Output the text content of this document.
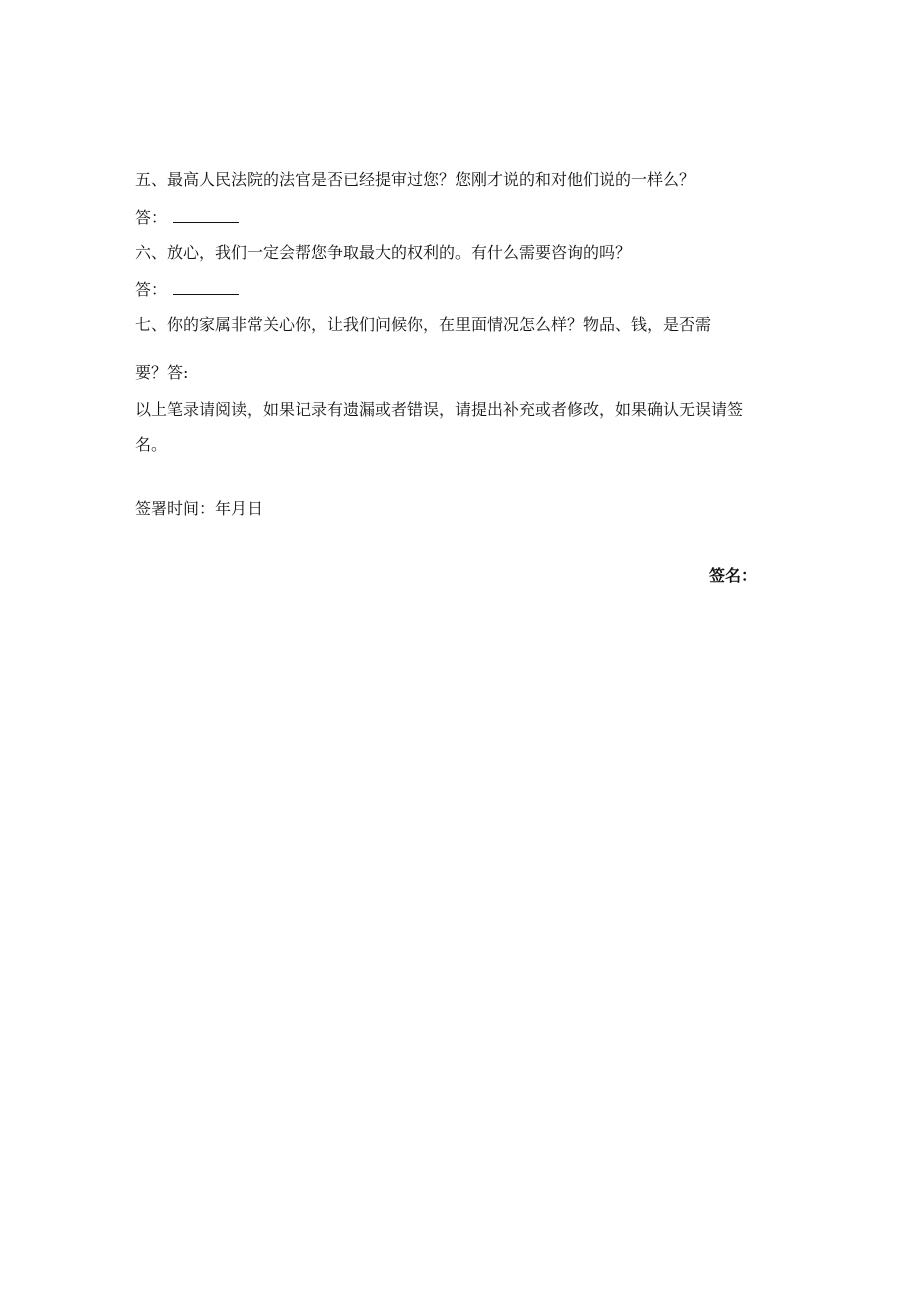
五、最高人民法院的法官是否已经提审过您？您刚才说的和对他们说的一样么？
答：
六、放心，我们一定会帮您争取最大的权利的。有什么需要咨询的吗？
答：
七、你的家属非常关心你，让我们问候你，在里面情况怎么样？物品、钱，是否需
要？答:
以上笔录请阅读，如果记录有遗漏或者错误，请提出补充或者修改，如果确认无误请签
名。
签署时间：年月日
签名：
